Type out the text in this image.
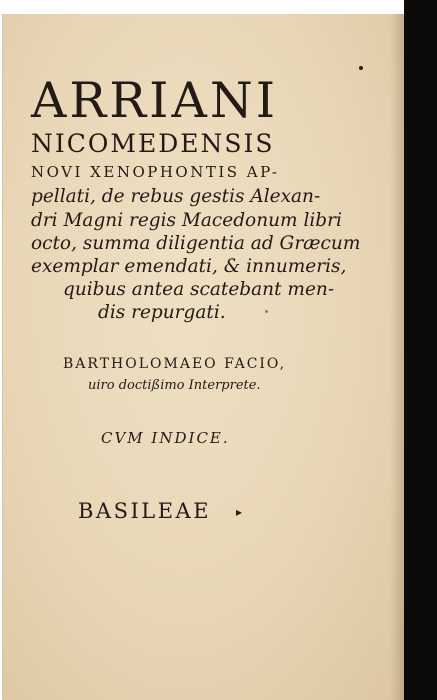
ARRIANI
NICOMEDENSIS
NOVI XENOPHONTIS AP-
pellati, de rebus gestis Alexan-
dri Magni regis Macedonum libri
octo, summa diligentia ad Græcum
exemplar emendati, & innumeris,
quibus antea scatebant men-
dis repurgati.
BARTHOLOMAEO FACIO,
uiro doctißimo Interprete.
CVM INDICE.
BASILEAE ▸
